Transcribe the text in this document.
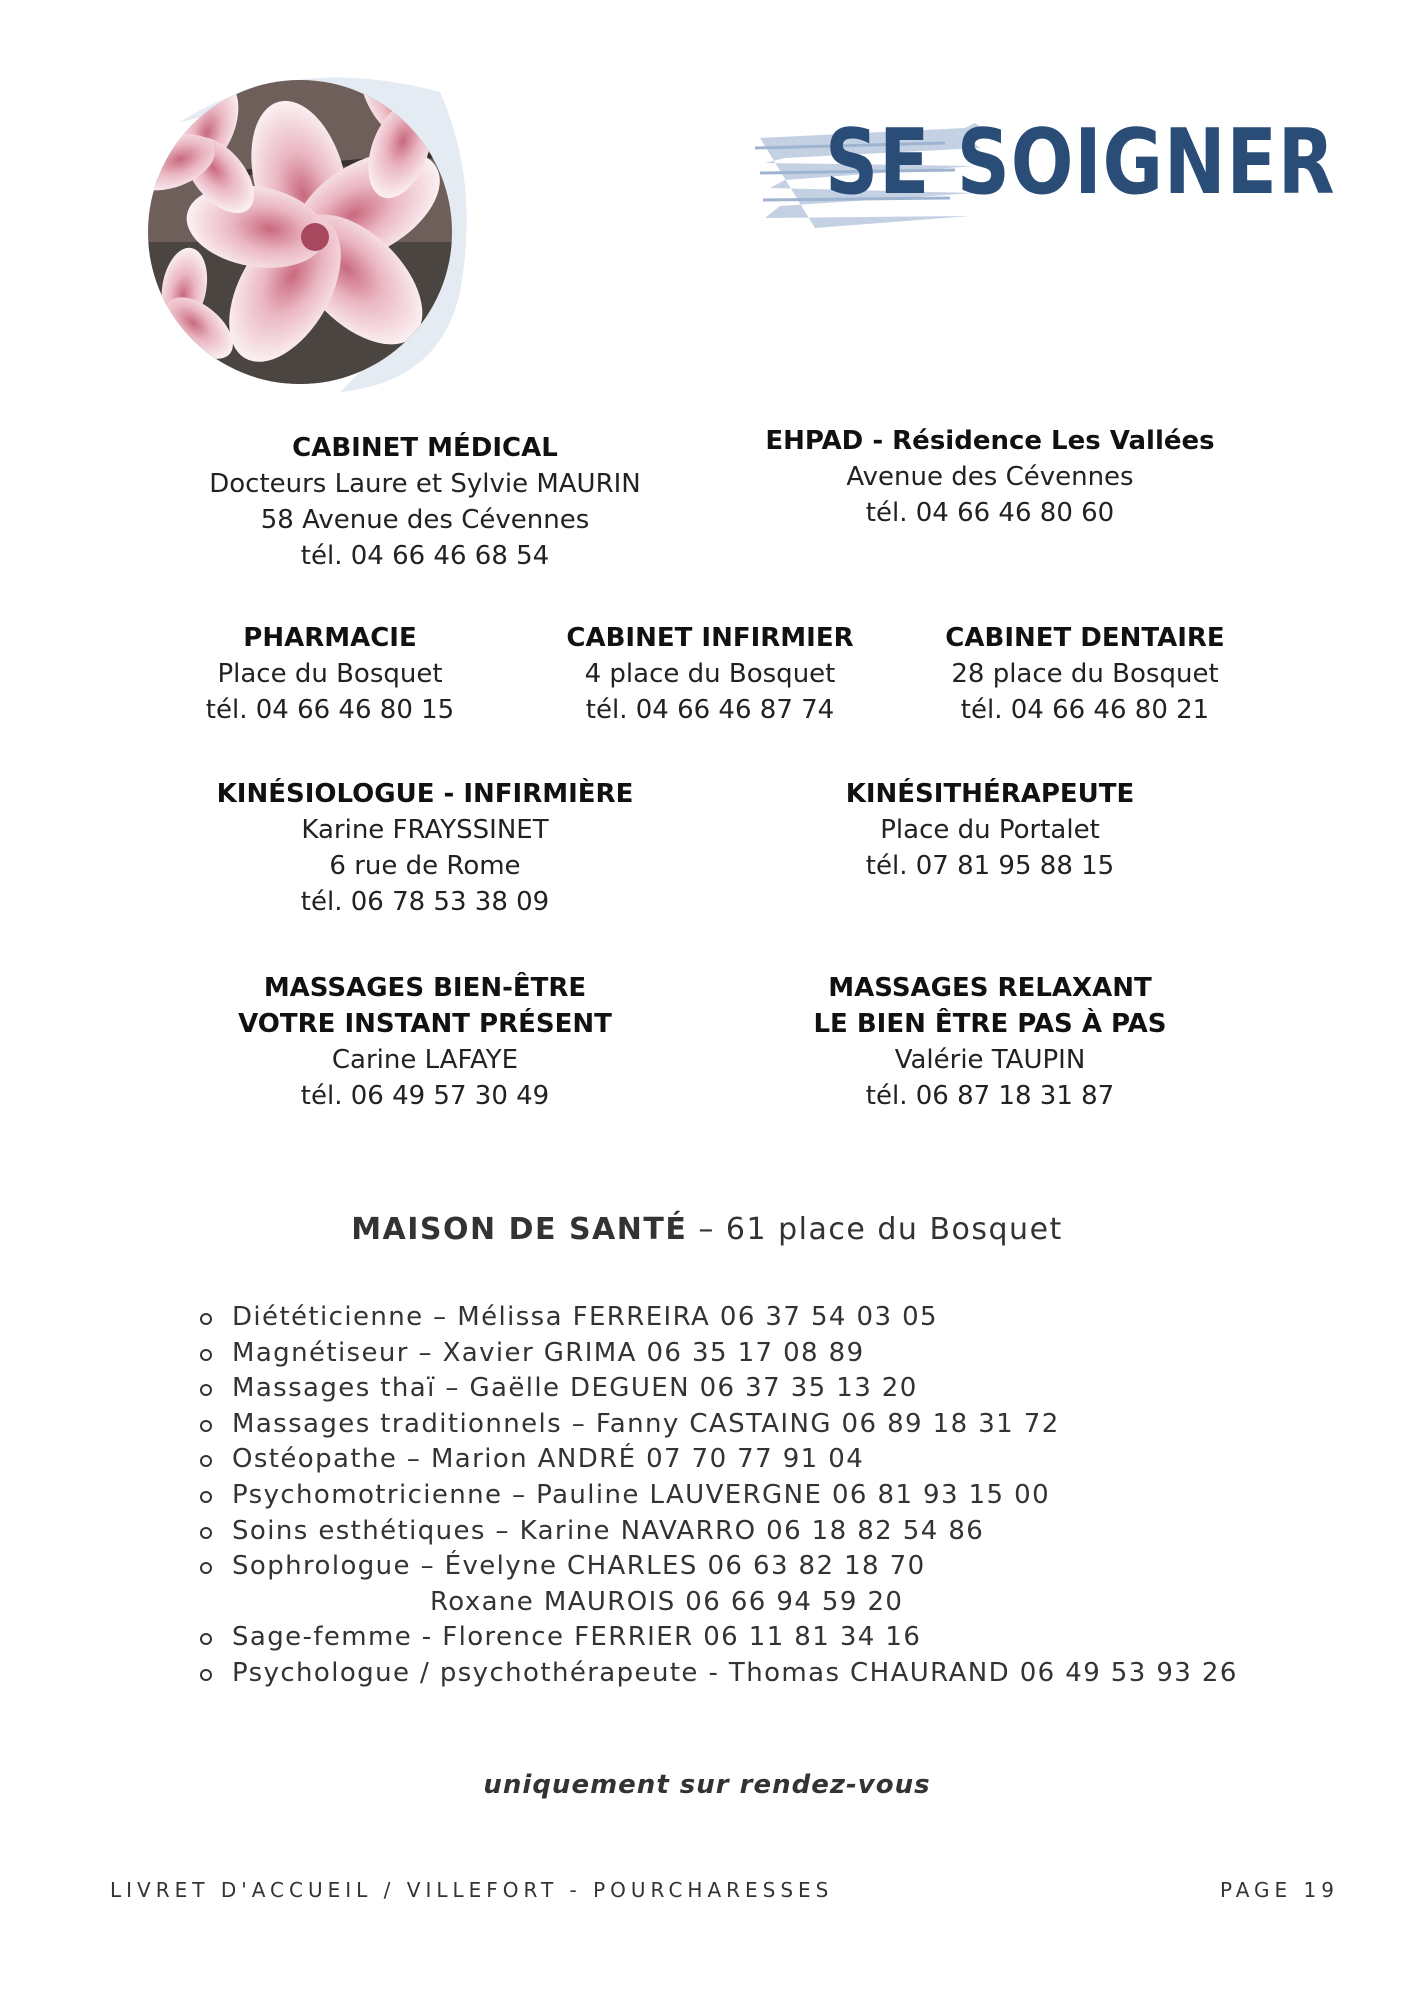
SE SOIGNER
CABINET MÉDICAL
Docteurs Laure et Sylvie MAURIN
58 Avenue des Cévennes
tél. 04 66 46 68 54
EHPAD - Résidence Les Vallées
Avenue des Cévennes
tél. 04 66 46 80 60
PHARMACIE
Place du Bosquet
tél. 04 66 46 80 15
CABINET INFIRMIER
4 place du Bosquet
tél. 04 66 46 87 74
CABINET DENTAIRE
28 place du Bosquet
tél. 04 66 46 80 21
KINÉSIOLOGUE - INFIRMIÈRE
Karine FRAYSSINET
6 rue de Rome
tél. 06 78 53 38 09
KINÉSITHÉRAPEUTE
Place du Portalet
tél. 07 81 95 88 15
MASSAGES BIEN-ÊTRE
VOTRE INSTANT PRÉSENT
Carine LAFAYE
tél. 06 49 57 30 49
MASSAGES RELAXANT
LE BIEN ÊTRE PAS À PAS
Valérie TAUPIN
tél. 06 87 18 31 87
MAISON DE SANTÉ – 61 place du Bosquet
Diététicienne – Mélissa FERREIRA 06 37 54 03 05
Magnétiseur – Xavier GRIMA 06 35 17 08 89
Massages thaï – Gaëlle DEGUEN 06 37 35 13 20
Massages traditionnels – Fanny CASTAING 06 89 18 31 72
Ostéopathe – Marion ANDRÉ 07 70 77 91 04
Psychomotricienne – Pauline LAUVERGNE 06 81 93 15 00
Soins esthétiques – Karine NAVARRO 06 18 82 54 86
Sophrologue – Évelyne CHARLES 06 63 82 18 70
Roxane MAUROIS 06 66 94 59 20
Sage-femme - Florence FERRIER 06 11 81 34 16
Psychologue / psychothérapeute - Thomas CHAURAND 06 49 53 93 26
uniquement sur rendez-vous
LIVRET D'ACCUEIL / VILLEFORT - POURCHARESSES	PAGE 19
